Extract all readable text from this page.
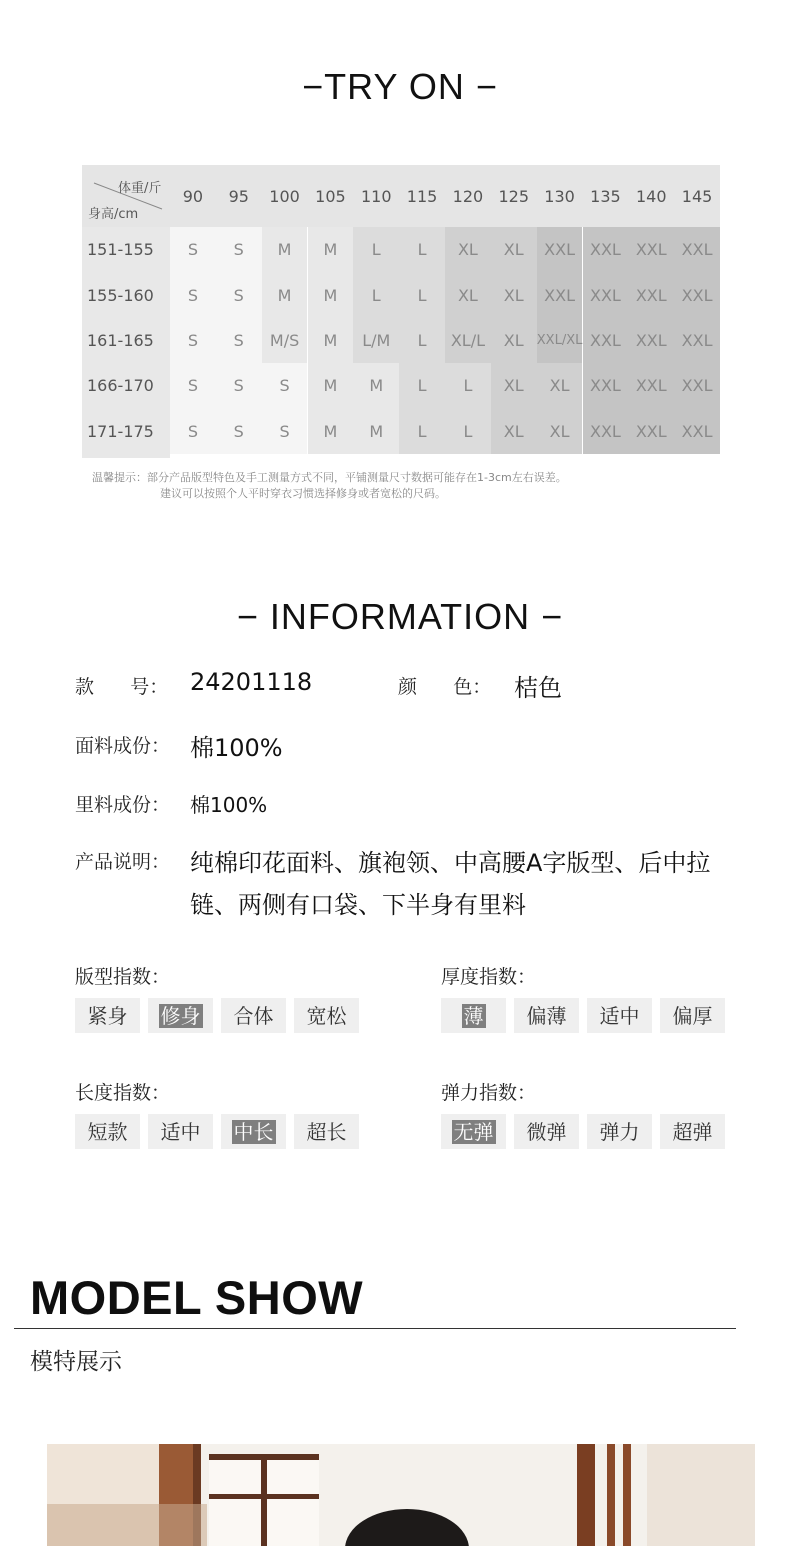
−TRY ON −
体重/斤
身高/cm
90	95	100 105 110 115 120 125 130 135 140 145
151-155	S	S	M	M	L	L	XL	XL	XXL XXL XXL XXL
155-160	S	S	M	M	L	L	XL	XL	XXL XXL XXL XXL
161-165	S	S	M/S	M	L/M	L	XL/L	XL	XXL/XL XXL XXL XXL
166-170	S	S	S	M	M	L	L	XL	XL	XXL XXL XXL
171-175	S	S	S	M	M	L	L	XL	XL	XXL XXL XXL
温馨提示：部分产品版型特色及手工测量方式不同，平铺测量尺寸数据可能存在1-3cm左右误差。
建议可以按照个人平时穿衣习惯选择修身或者宽松的尺码。
− INFORMATION −
款      号： 24201118	颜      色： 桔色
面料成份： 棉100%
里料成份： 棉100%
产品说明： 纯棉印花面料、旗袍领、中高腰A字版型、后中拉链、两侧有口袋、下半身有里料
版型指数：
紧身 修身 合体 宽松
厚度指数：
薄 偏薄 适中 偏厚
长度指数：
短款 适中 中长 超长
弹力指数：
无弹 微弹 弹力 超弹
MODEL SHOW
模特展示
